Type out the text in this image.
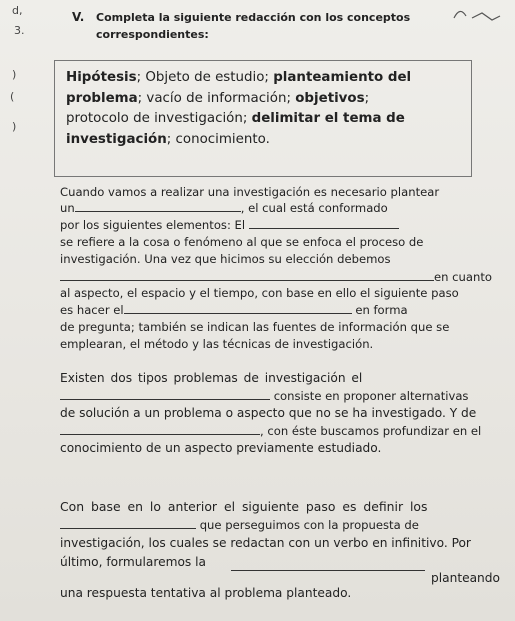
d,
3.
)
(
)
V. Completa la siguiente redacción con los conceptos
correspondientes:
Hipótesis; Objeto de estudio; planteamiento del
problema; vacío de información; objetivos;
protocolo de investigación; delimitar el tema de
investigación; conocimiento.
Cuando vamos a realizar una investigación es necesario plantear
un	, el cual está conformado
por los siguientes elementos: El
se refiere a la cosa o fenómeno al que se enfoca el proceso de
investigación. Una vez que hicimos su elección debemos
en cuanto
al aspecto, el espacio y el tiempo, con base en ello el siguiente paso
es hacer el	en forma
de pregunta; también se indican las fuentes de información que se
emplearan, el método y las técnicas de investigación.
Existen dos tipos problemas de investigación el
consiste en proponer alternativas
de solución a un problema o aspecto que no se ha investigado. Y de
, con éste buscamos profundizar en el
conocimiento de un aspecto previamente estudiado.
Con base en lo anterior el siguiente paso es definir los
que perseguimos con la propuesta de
investigación, los cuales se redactan con un verbo en infinitivo. Por
último, formularemos la
planteando
una respuesta tentativa al problema planteado.
